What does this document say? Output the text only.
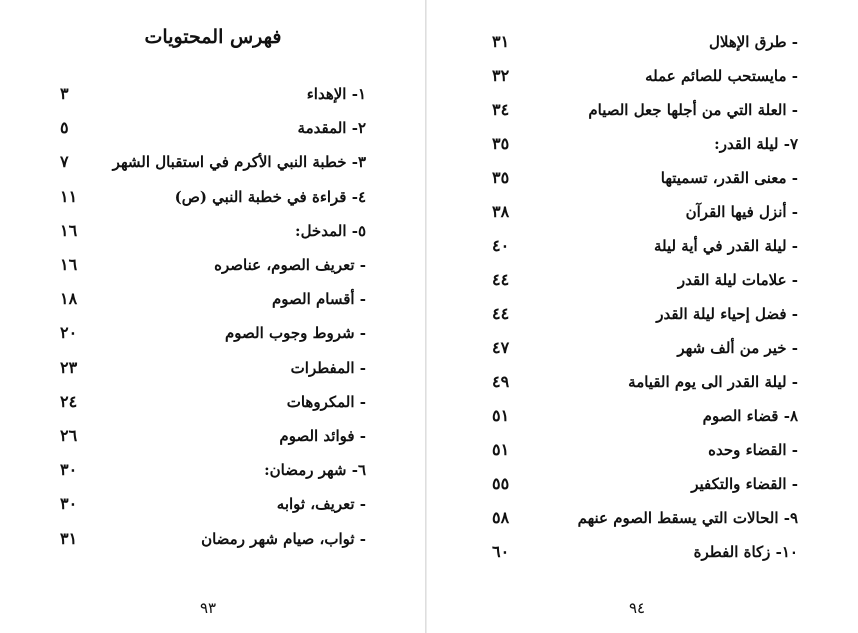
فهرس المحتويات
١- الإهداء
٣
٢- المقدمة
٥
٣- خطبة النبي الأكرم في استقبال الشهر
٧
٤- قراءة في خطبة النبي (ص)
١١
٥- المدخل:
١٦
- تعريف الصوم، عناصره
١٦
- أقسام الصوم
١٨
- شروط وجوب الصوم
٢٠
- المفطرات
٢٣
- المكروهات
٢٤
- فوائد الصوم
٢٦
٦- شهر رمضان:
٣٠
- تعريف، ثوابه
٣٠
- ثواب، صيام شهر رمضان
٣١
٩٣
- طرق الإهلال
٣١
- مايستحب للصائم عمله
٣٢
- العلة التي من أجلها جعل الصيام
٣٤
٧- ليلة القدر:
٣٥
- معنى القدر، تسميتها
٣٥
- أنزل فيها القرآن
٣٨
- ليلة القدر في أية ليلة
٤٠
- علامات ليلة القدر
٤٤
- فضل إحياء ليلة القدر
٤٤
- خير من ألف شهر
٤٧
- ليلة القدر الى يوم القيامة
٤٩
٨- قضاء الصوم
٥١
- القضاء وحده
٥١
- القضاء والتكفير
٥٥
٩- الحالات التي يسقط الصوم عنهم
٥٨
١٠- زكاة الفطرة
٦٠
٩٤
